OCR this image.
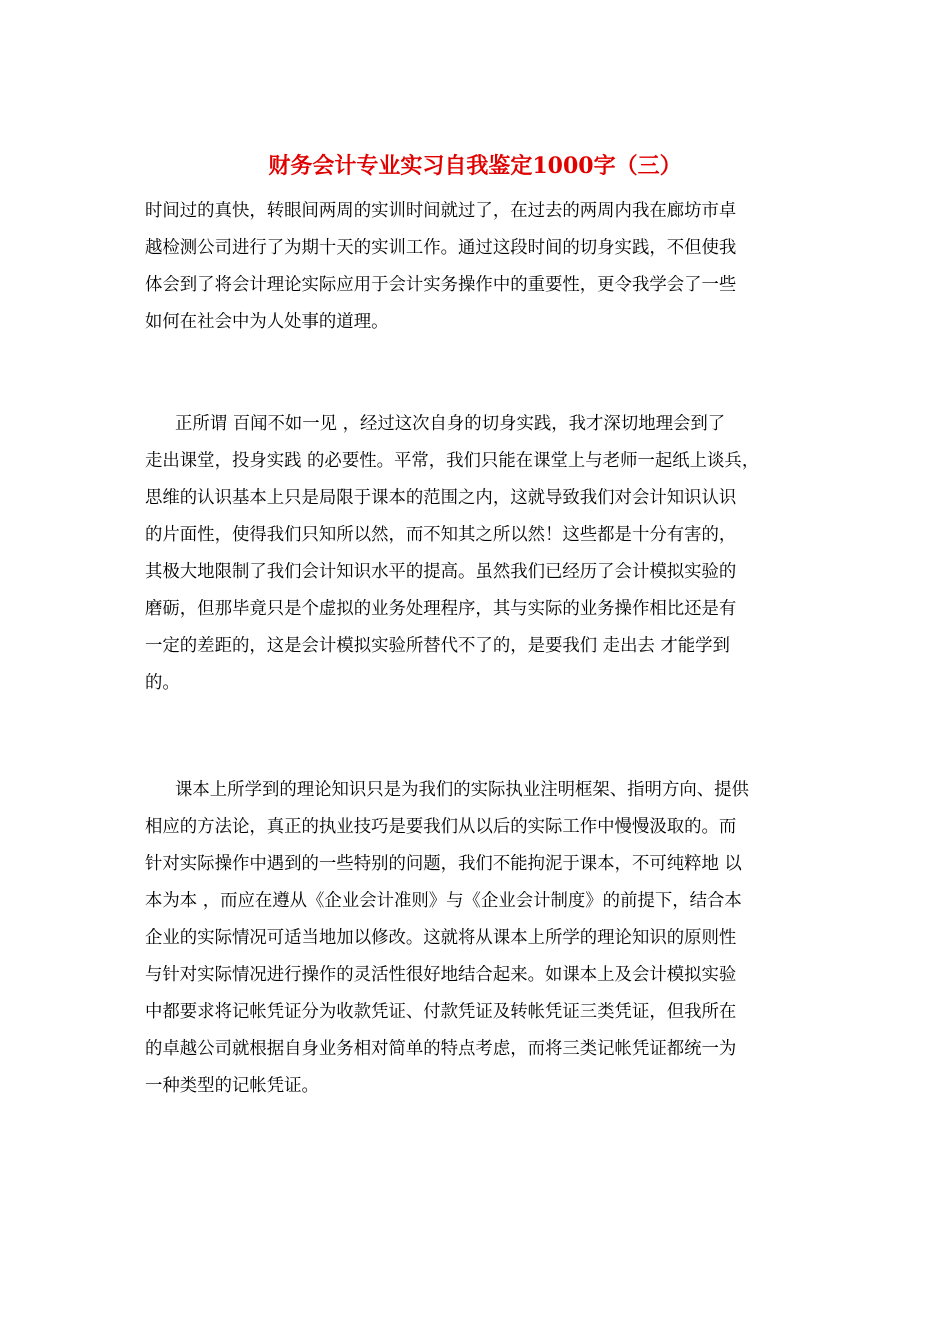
财务会计专业实习自我鉴定1000字（三）
时间过的真快，转眼间两周的实训时间就过了，在过去的两周内我在廊坊市卓
越检测公司进行了为期十天的实训工作。通过这段时间的切身实践，不但使我
体会到了将会计理论实际应用于会计实务操作中的重要性，更令我学会了一些
如何在社会中为人处事的道理。
正所谓 百闻不如一见 ，经过这次自身的切身实践，我才深切地理会到了
走出课堂，投身实践 的必要性。平常，我们只能在课堂上与老师一起纸上谈兵，
思维的认识基本上只是局限于课本的范围之内，这就导致我们对会计知识认识
的片面性，使得我们只知所以然，而不知其之所以然！这些都是十分有害的，
其极大地限制了我们会计知识水平的提高。虽然我们已经历了会计模拟实验的
磨砺，但那毕竟只是个虚拟的业务处理程序，其与实际的业务操作相比还是有
一定的差距的，这是会计模拟实验所替代不了的，是要我们 走出去 才能学到
的。
课本上所学到的理论知识只是为我们的实际执业注明框架、指明方向、提供
相应的方法论，真正的执业技巧是要我们从以后的实际工作中慢慢汲取的。而
针对实际操作中遇到的一些特别的问题，我们不能拘泥于课本，不可纯粹地 以
本为本 ，而应在遵从《企业会计准则》与《企业会计制度》的前提下，结合本
企业的实际情况可适当地加以修改。这就将从课本上所学的理论知识的原则性
与针对实际情况进行操作的灵活性很好地结合起来。如课本上及会计模拟实验
中都要求将记帐凭证分为收款凭证、付款凭证及转帐凭证三类凭证，但我所在
的卓越公司就根据自身业务相对简单的特点考虑，而将三类记帐凭证都统一为
一种类型的记帐凭证。
